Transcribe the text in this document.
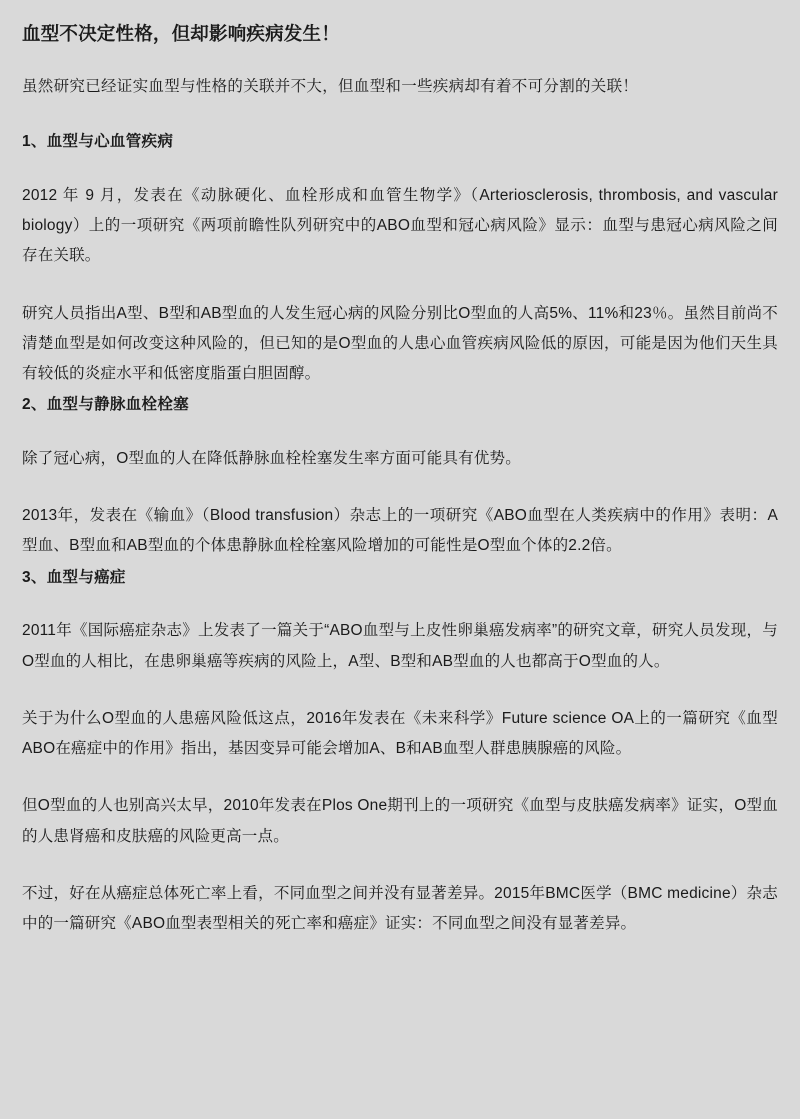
血型不决定性格，但却影响疾病发生！

虽然研究已经证实血型与性格的关联并不大，但血型和一些疾病却有着不可分割的关联！

1、血型与心血管疾病

2012 年 9 月，发表在《动脉硬化、血栓形成和血管生物学》（Arteriosclerosis, thrombosis, and vascular biology）上的一项研究《两项前瞻性队列研究中的ABO血型和冠心病风险》显示：血型与患冠心病风险之间存在关联。

研究人员指出A型、B型和AB型血的人发生冠心病的风险分别比O型血的人高5%、11%和23％。虽然目前尚不清楚血型是如何改变这种风险的，但已知的是O型血的人患心血管疾病风险低的原因，可能是因为他们天生具有较低的炎症水平和低密度脂蛋白胆固醇。

2、血型与静脉血栓栓塞

除了冠心病，O型血的人在降低静脉血栓栓塞发生率方面可能具有优势。

2013年，发表在《输血》（Blood transfusion）杂志上的一项研究《ABO血型在人类疾病中的作用》表明：A型血、B型血和AB型血的个体患静脉血栓栓塞风险增加的可能性是O型血个体的2.2倍。

3、血型与癌症

2011年《国际癌症杂志》上发表了一篇关于“ABO血型与上皮性卵巢癌发病率”的研究文章，研究人员发现，与O型血的人相比，在患卵巢癌等疾病的风险上，A型、B型和AB型血的人也都高于O型血的人。

关于为什么O型血的人患癌风险低这点，2016年发表在《未来科学》Future science OA上的一篇研究《血型ABO在癌症中的作用》指出，基因变异可能会增加A、B和AB血型人群患胰腺癌的风险。

但O型血的人也别高兴太早，2010年发表在Plos One期刊上的一项研究《血型与皮肤癌发病率》证实，O型血的人患肾癌和皮肤癌的风险更高一点。

不过，好在从癌症总体死亡率上看，不同血型之间并没有显著差异。2015年BMC医学（BMC medicine）杂志中的一篇研究《ABO血型表型相关的死亡率和癌症》证实：不同血型之间没有显著差异。
